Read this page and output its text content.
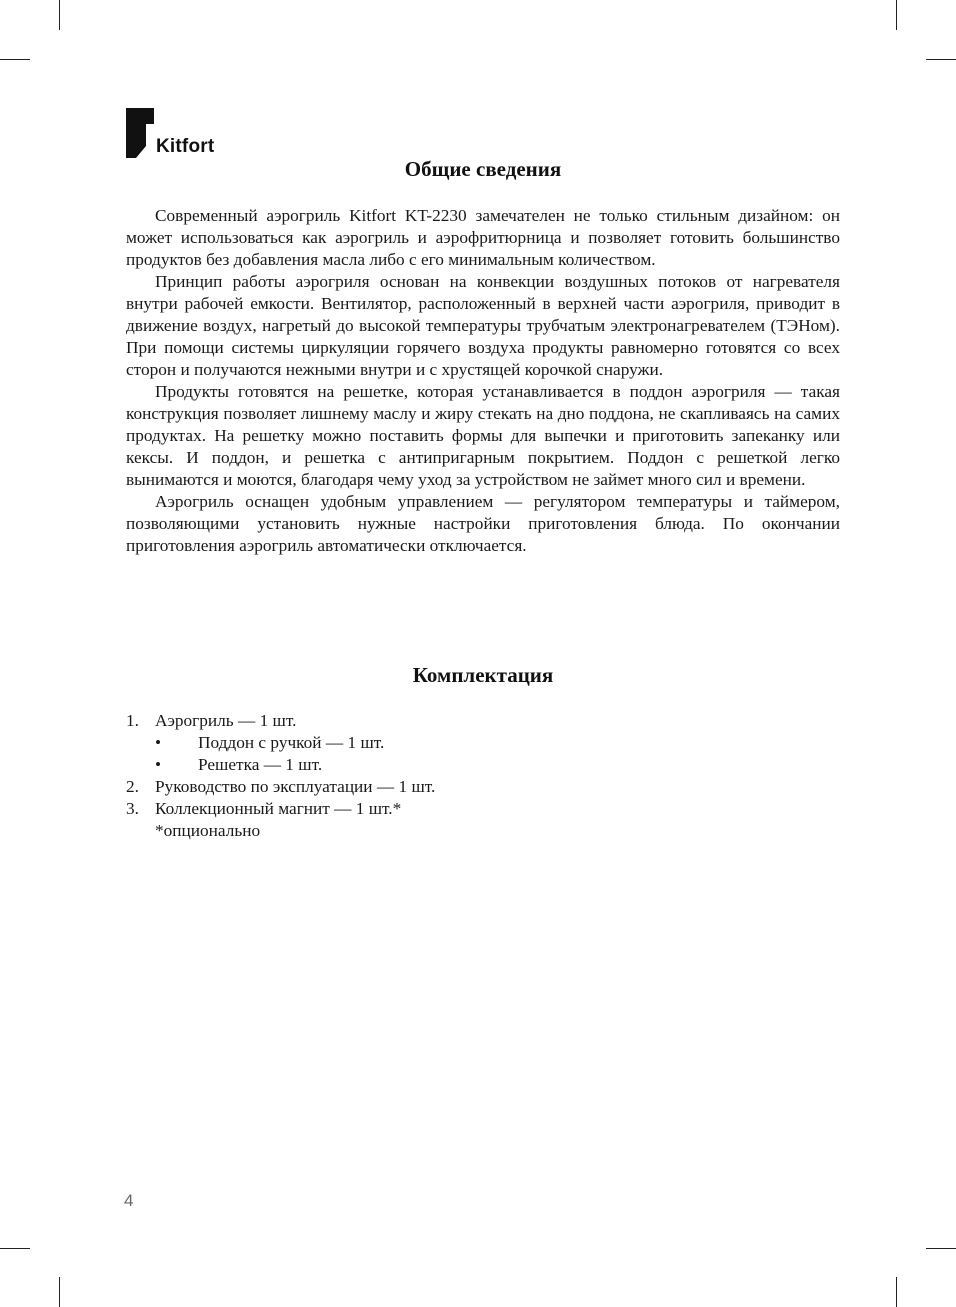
Kitfort
Общие сведения

Современный аэрогриль Kitfort KT-2230 замечателен не только стильным дизайном: он может использоваться как аэрогриль и аэрофритюрница и позволяет готовить большинство продуктов без добавления масла либо с его минимальным количеством.

Принцип работы аэрогриля основан на конвекции воздушных потоков от нагревателя внутри рабочей емкости. Вентилятор, расположенный в верхней части аэрогриля, приводит в движение воздух, нагретый до высокой температуры трубчатым электронагревателем (ТЭНом). При помощи системы циркуляции горячего воздуха продукты равномерно готовятся со всех сторон и получаются нежными внутри и с хрустящей корочкой снаружи.

Продукты готовятся на решетке, которая устанавливается в поддон аэрогриля — такая конструкция позволяет лишнему маслу и жиру стекать на дно поддона, не скапливаясь на самих продуктах. На решетку можно поставить формы для выпечки и приготовить запеканку или кексы. И поддон, и решетка с антипригарным покрытием. Поддон с решеткой легко вынимаются и моются, благодаря чему уход за устройством не займет много сил и времени.

Аэрогриль оснащен удобным управлением — регулятором температуры и таймером, позволяющими установить нужные настройки приготовления блюда. По окончании приготовления аэрогриль автоматически отключается.

Комплектация
1. Аэрогриль — 1 шт.
•	Поддон с ручкой — 1 шт.
•	Решетка — 1 шт.
2. Руководство по эксплуатации — 1 шт.
3. Коллекционный магнит — 1 шт.*
*опционально
4
